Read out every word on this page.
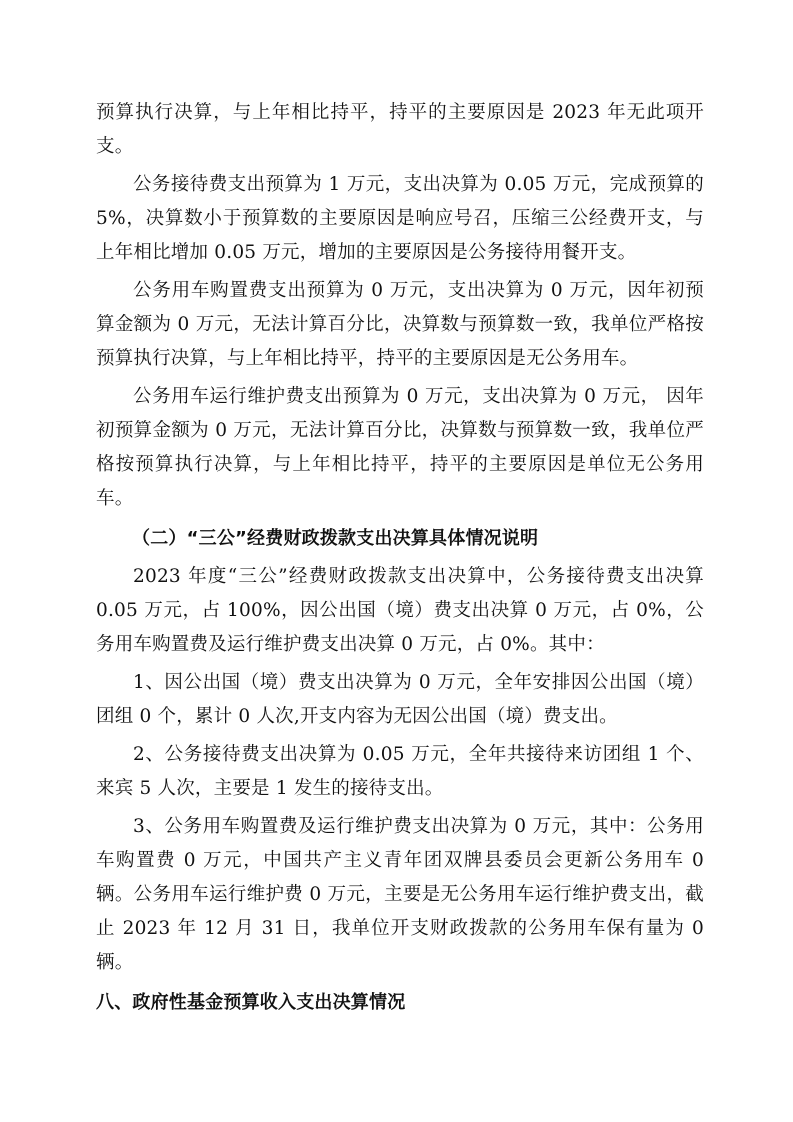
预算执行决算，与上年相比持平，持平的主要原因是 2023 年无此项开支。

公务接待费支出预算为 1 万元，支出决算为 0.05 万元，完成预算的 5%，决算数小于预算数的主要原因是响应号召，压缩三公经费开支，与上年相比增加 0.05 万元，增加的主要原因是公务接待用餐开支。

公务用车购置费支出预算为 0 万元，支出决算为 0 万元，因年初预算金额为 0 万元，无法计算百分比，决算数与预算数一致，我单位严格按预算执行决算，与上年相比持平，持平的主要原因是无公务用车。

公务用车运行维护费支出预算为 0 万元，支出决算为 0 万元， 因年初预算金额为 0 万元，无法计算百分比，决算数与预算数一致，我单位严格按预算执行决算，与上年相比持平，持平的主要原因是单位无公务用车。

（二）“三公”经费财政拨款支出决算具体情况说明

2023 年度“三公”经费财政拨款支出决算中，公务接待费支出决算 0.05 万元，占 100%，因公出国（境）费支出决算 0 万元，占 0%，公务用车购置费及运行维护费支出决算 0 万元，占 0%。其中：

1、因公出国（境）费支出决算为 0 万元，全年安排因公出国（境）团组 0 个，累计 0 人次,开支内容为无因公出国（境）费支出。

2、公务接待费支出决算为 0.05 万元，全年共接待来访团组 1 个、来宾 5 人次，主要是 1 发生的接待支出。

3、公务用车购置费及运行维护费支出决算为 0 万元，其中：公务用车购置费 0 万元，中国共产主义青年团双牌县委员会更新公务用车 0 辆。公务用车运行维护费 0 万元，主要是无公务用车运行维护费支出，截止 2023 年 12 月 31 日，我单位开支财政拨款的公务用车保有量为 0 辆。

八、政府性基金预算收入支出决算情况
